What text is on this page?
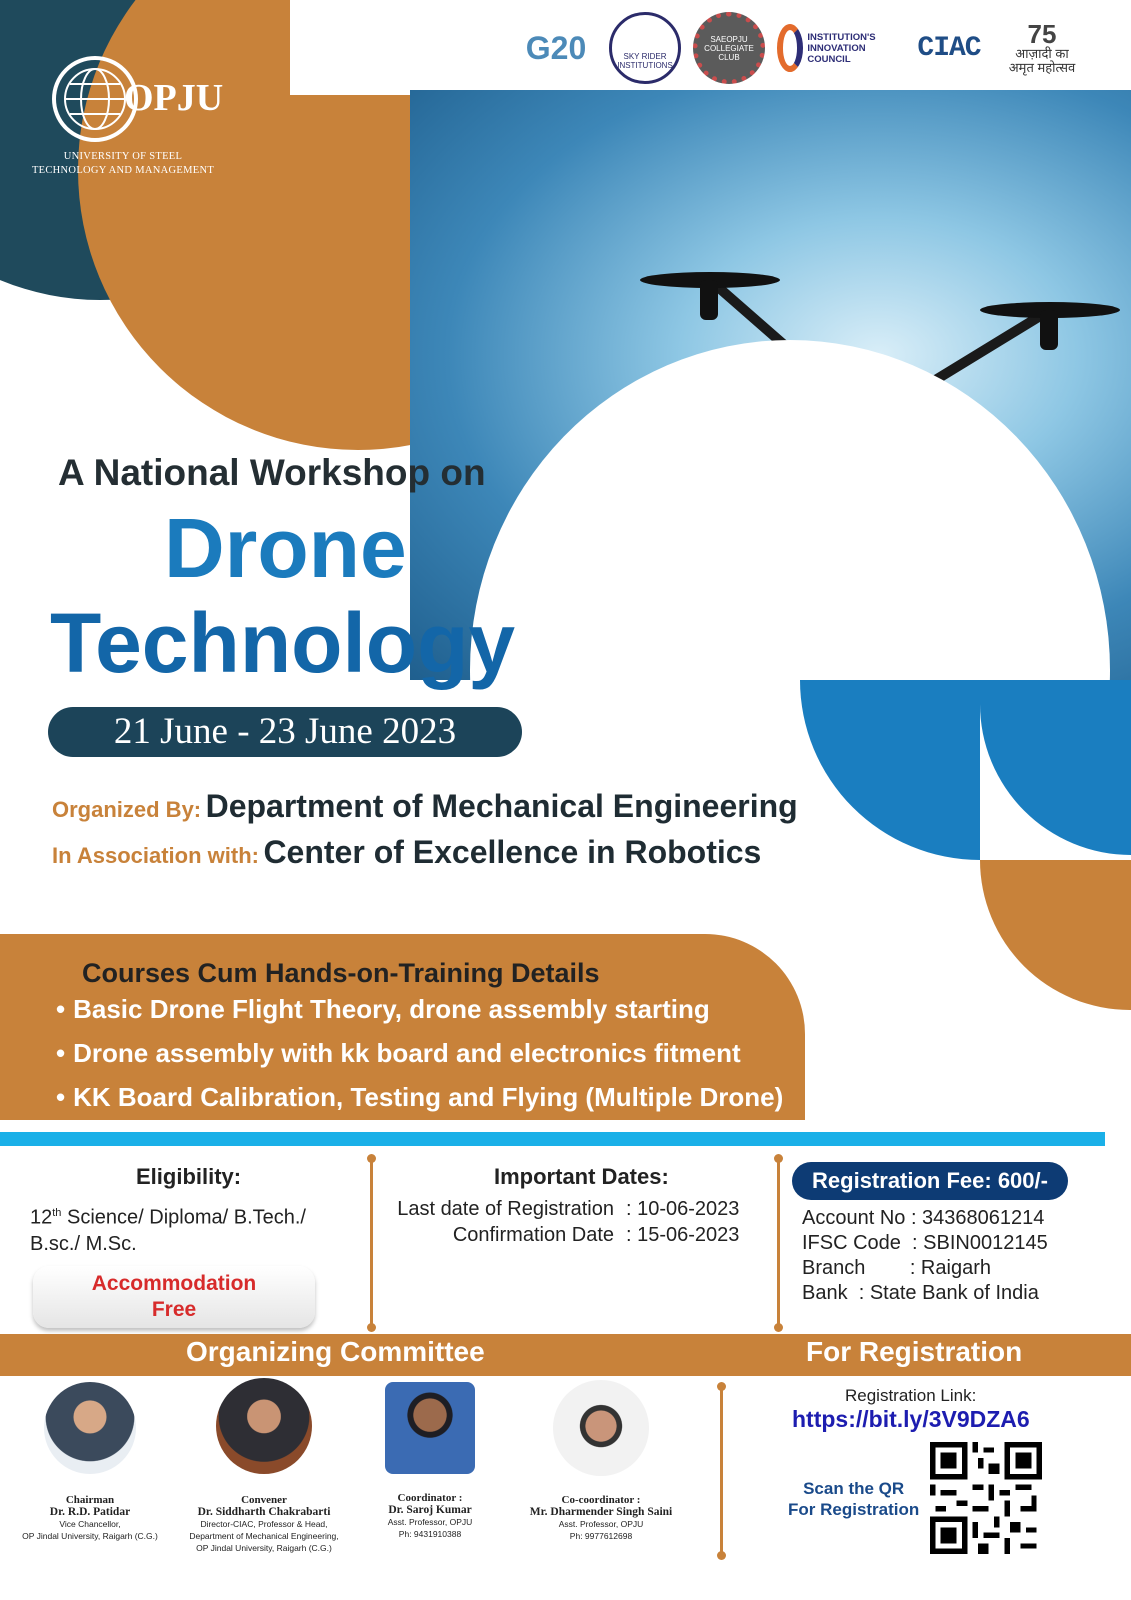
OPJU
UNIVERSITY OF STEEL TECHNOLOGY AND MANAGEMENT
G20	SKY RIDER INSTITUTIONS
SAEOPJU COLLEGIATE CLUB
INSTITUTION'S INNOVATION COUNCIL	CIAC	75
आज़ादी का अमृत महोत्सव
A National Workshop on
Drone
Technology
21 June - 23 June 2023
Organized By: Department of Mechanical Engineering
In Association with: Center of Excellence in Robotics
Courses Cum Hands-on-Training Details
• Basic Drone Flight Theory, drone assembly starting
• Drone assembly with kk board and electronics fitment
• KK Board Calibration, Testing and Flying (Multiple Drone)
Eligibility:
12th Science/ Diploma/ B.Tech./
B.sc./ M.Sc.
Accommodation
Free
Important Dates:
Last date of Registration : 10-06-2023
Confirmation Date : 15-06-2023
Registration Fee: 600/-
Account No : 34368061214
IFSC Code  : SBIN0012145
Branch        : Raigarh
Bank  : State Bank of India
Organizing Committee	For Registration
Chairman
Dr. R.D. Patidar
Vice Chancellor,
OP Jindal University, Raigarh (C.G.)
Convener
Dr. Siddharth Chakrabarti
Director-CIAC, Professor & Head,
Department of Mechanical Engineering,
OP Jindal University, Raigarh (C.G.)
Coordinator :
Dr. Saroj Kumar
Asst. Professor, OPJU
Ph: 9431910388
Co-coordinator :
Mr. Dharmender Singh Saini
Asst. Professor, OPJU
Ph: 9977612698
Registration Link:
https://bit.ly/3V9DZA6
Scan the QR
For Registration
